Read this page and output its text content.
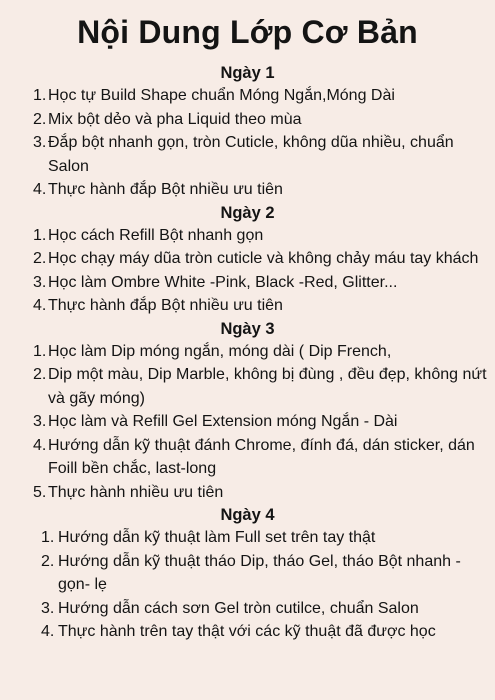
Nội Dung Lớp Cơ Bản
Ngày 1
1. Học tự Build Shape chuẩn Móng Ngắn,Móng Dài
2. Mix bột dẻo và pha Liquid theo mùa
3. Đắp bột nhanh gọn, tròn Cuticle, không dũa nhiều, chuẩn Salon
4. Thực hành đắp Bột nhiều ưu tiên
Ngày 2
1. Học cách Refill Bột nhanh gọn
2. Học chạy máy dũa tròn cuticle và không chảy máu tay khách
3. Học làm Ombre White -Pink, Black -Red, Glitter...
4. Thực hành đắp Bột nhiều ưu tiên
Ngày 3
1. Học làm Dip móng ngắn, móng dài ( Dip French,
2. Dip một màu, Dip Marble, không bị đùng , đều đẹp, không nứt và gãy móng)
3. Học làm và Refill Gel Extension móng Ngắn - Dài
4. Hướng dẫn kỹ thuật đánh Chrome, đính đá, dán sticker, dán Foill bền chắc, last-long
5. Thực hành nhiều ưu tiên
Ngày 4
1. Hướng dẫn kỹ thuật làm Full set trên tay thật
2. Hướng dẫn kỹ thuật tháo Dip, tháo Gel, tháo Bột nhanh -gọn- lẹ
3. Hướng dẫn cách sơn Gel tròn cutilce, chuẩn Salon
4. Thực hành trên tay thật với các kỹ thuật đã được học
